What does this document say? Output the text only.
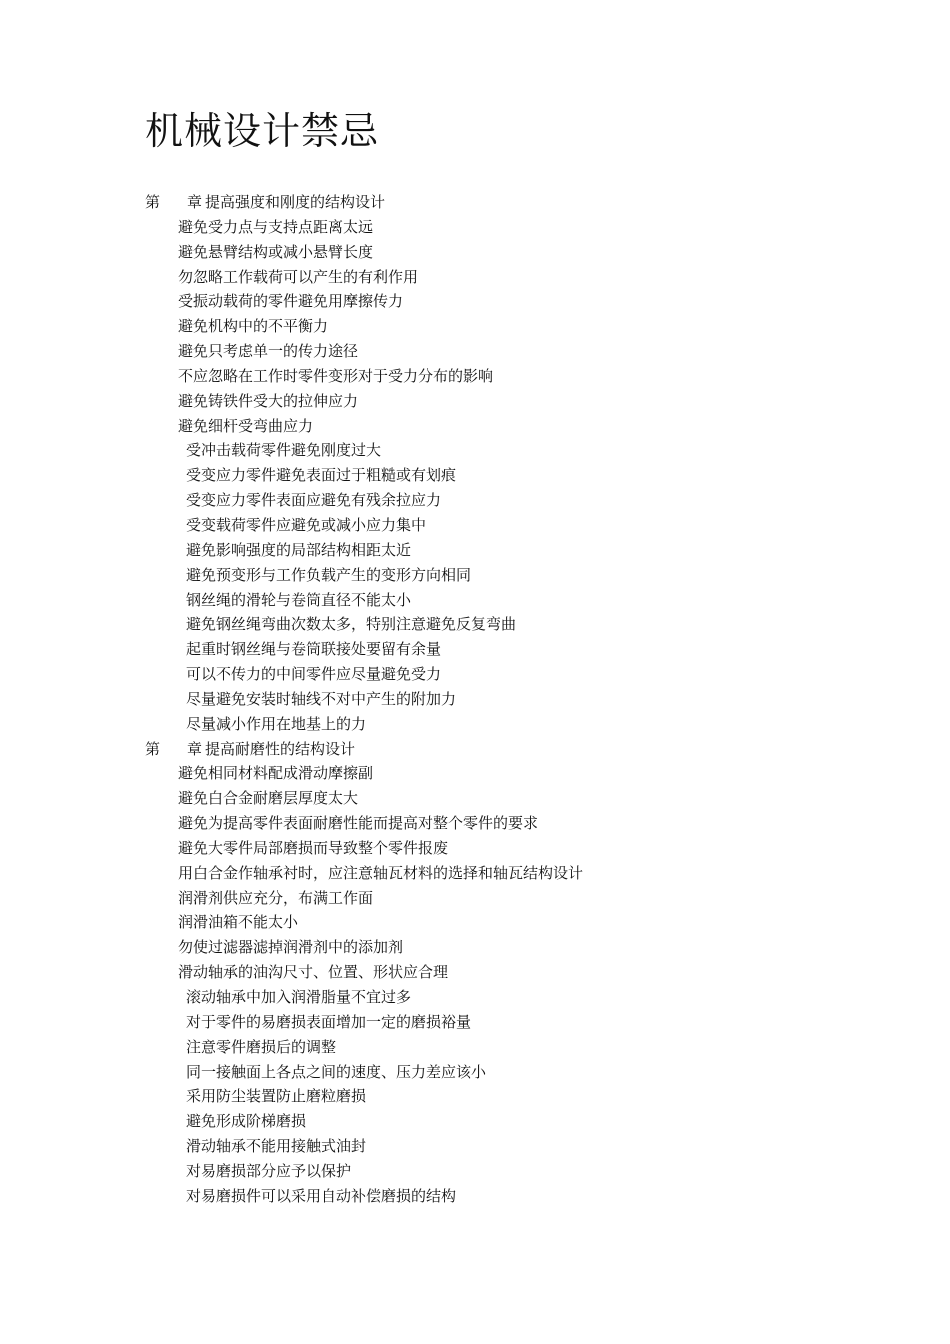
机械设计禁忌
第 章 提高强度和刚度的结构设计
避免受力点与支持点距离太远
避免悬臂结构或减小悬臂长度
勿忽略工作载荷可以产生的有利作用
受振动载荷的零件避免用摩擦传力
避免机构中的不平衡力
避免只考虑单一的传力途径
不应忽略在工作时零件变形对于受力分布的影响
避免铸铁件受大的拉伸应力
避免细杆受弯曲应力
受冲击载荷零件避免刚度过大
受变应力零件避免表面过于粗糙或有划痕
受变应力零件表面应避免有残余拉应力
受变载荷零件应避免或减小应力集中
避免影响强度的局部结构相距太近
避免预变形与工作负载产生的变形方向相同
钢丝绳的滑轮与卷筒直径不能太小
避免钢丝绳弯曲次数太多，特别注意避免反复弯曲
起重时钢丝绳与卷筒联接处要留有余量
可以不传力的中间零件应尽量避免受力
尽量避免安装时轴线不对中产生的附加力
尽量减小作用在地基上的力
第 章 提高耐磨性的结构设计
避免相同材料配成滑动摩擦副
避免白合金耐磨层厚度太大
避免为提高零件表面耐磨性能而提高对整个零件的要求
避免大零件局部磨损而导致整个零件报废
用白合金作轴承衬时，应注意轴瓦材料的选择和轴瓦结构设计
润滑剂供应充分，布满工作面
润滑油箱不能太小
勿使过滤器滤掉润滑剂中的添加剂
滑动轴承的油沟尺寸、位置、形状应合理
滚动轴承中加入润滑脂量不宜过多
对于零件的易磨损表面增加一定的磨损裕量
注意零件磨损后的调整
同一接触面上各点之间的速度、压力差应该小
采用防尘装置防止磨粒磨损
避免形成阶梯磨损
滑动轴承不能用接触式油封
对易磨损部分应予以保护
对易磨损件可以采用自动补偿磨损的结构
